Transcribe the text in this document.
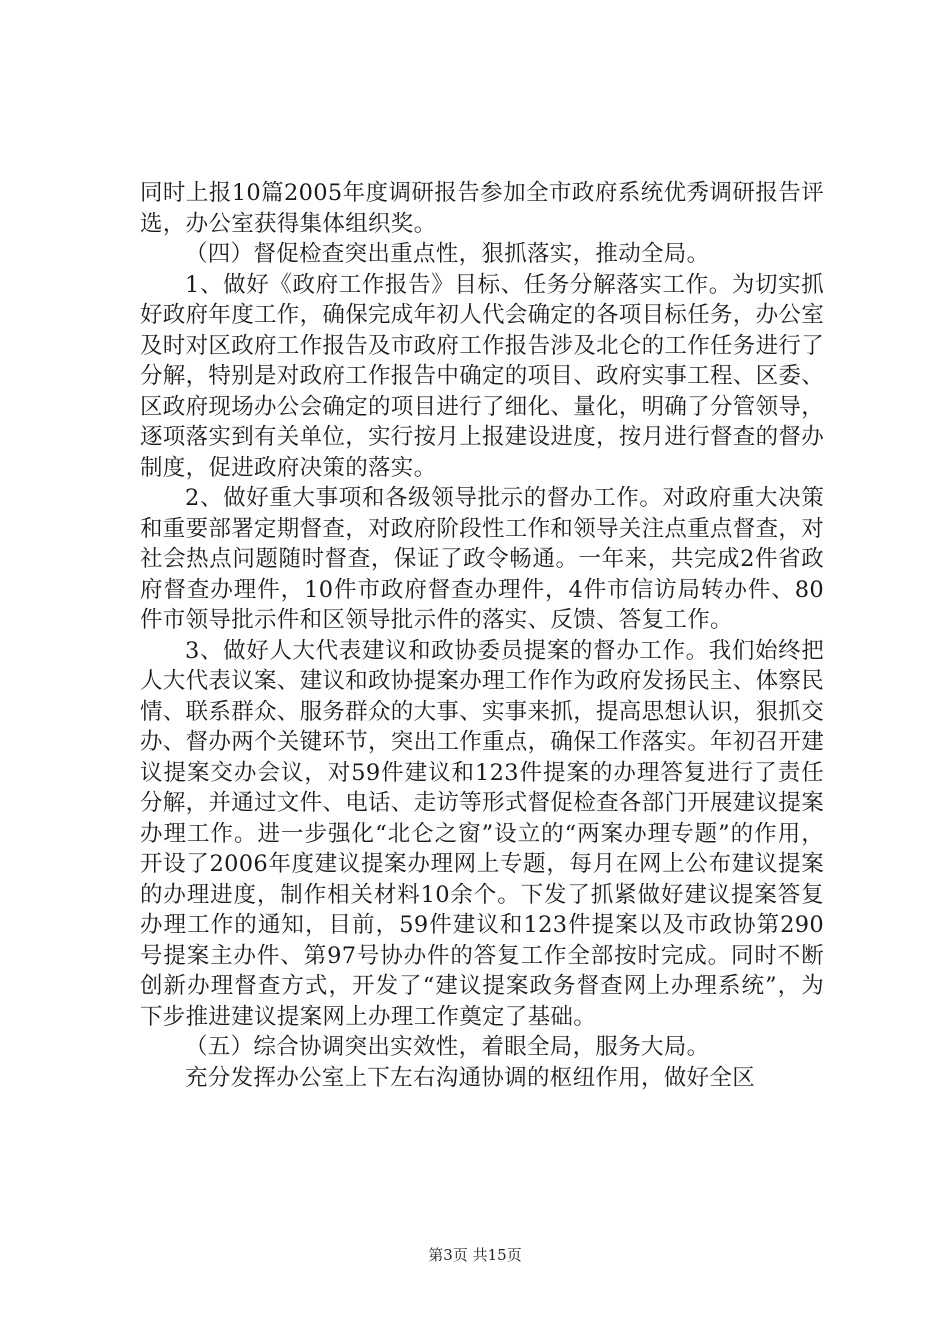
同时上报10篇2005年度调研报告参加全市政府系统优秀调研报告评选，办公室获得集体组织奖。

（四）督促检查突出重点性，狠抓落实，推动全局。

1、做好《政府工作报告》目标、任务分解落实工作。为切实抓好政府年度工作，确保完成年初人代会确定的各项目标任务，办公室及时对区政府工作报告及市政府工作报告涉及北仑的工作任务进行了分解，特别是对政府工作报告中确定的项目、政府实事工程、区委、区政府现场办公会确定的项目进行了细化、量化，明确了分管领导，逐项落实到有关单位，实行按月上报建设进度，按月进行督查的督办制度，促进政府决策的落实。

2、做好重大事项和各级领导批示的督办工作。对政府重大决策和重要部署定期督查，对政府阶段性工作和领导关注点重点督查，对社会热点问题随时督查，保证了政令畅通。一年来，共完成2件省政府督查办理件，10件市政府督查办理件，4件市信访局转办件、80件市领导批示件和区领导批示件的落实、反馈、答复工作。

3、做好人大代表建议和政协委员提案的督办工作。我们始终把人大代表议案、建议和政协提案办理工作作为政府发扬民主、体察民情、联系群众、服务群众的大事、实事来抓，提高思想认识，狠抓交办、督办两个关键环节，突出工作重点，确保工作落实。年初召开建议提案交办会议，对59件建议和123件提案的办理答复进行了责任分解，并通过文件、电话、走访等形式督促检查各部门开展建议提案办理工作。进一步强化“北仑之窗”设立的“两案办理专题”的作用，开设了2006年度建议提案办理网上专题，每月在网上公布建议提案的办理进度，制作相关材料10余个。下发了抓紧做好建议提案答复办理工作的通知，目前，59件建议和123件提案以及市政协第290号提案主办件、第97号协办件的答复工作全部按时完成。同时不断创新办理督查方式，开发了“建议提案政务督查网上办理系统”，为下步推进建议提案网上办理工作奠定了基础。

（五）综合协调突出实效性，着眼全局，服务大局。

充分发挥办公室上下左右沟通协调的枢纽作用，做好全区

第3页 共15页
